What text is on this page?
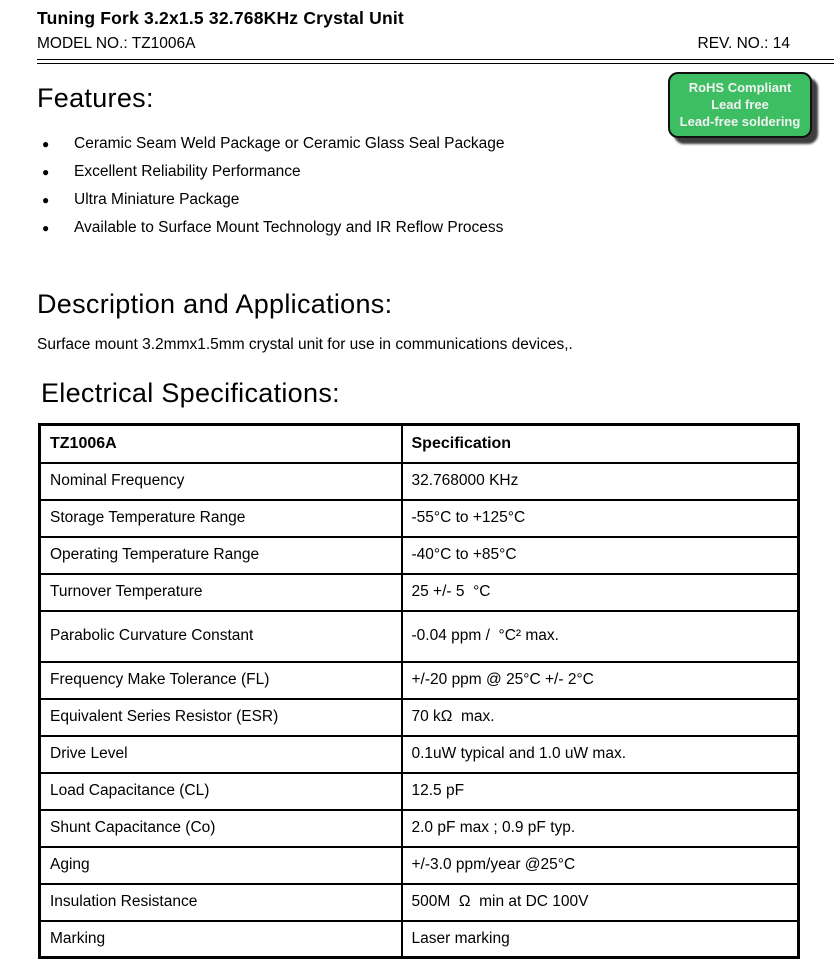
Tuning Fork 3.2x1.5 32.768KHz Crystal Unit
MODEL NO.: TZ1006A	REV. NO.: 14
RoHS Compliant
Lead free
Lead-free soldering
Features:
●	Ceramic Seam Weld Package or Ceramic Glass Seal Package
●	Excellent Reliability Performance
●	Ultra Miniature Package
●	Available to Surface Mount Technology and IR Reflow Process
Description and Applications:
Surface mount 3.2mmx1.5mm crystal unit for use in communications devices,.
Electrical Specifications:
TZ1006A	Specification
Nominal Frequency	32.768000 KHz
Storage Temperature Range	-55°C to +125°C
Operating Temperature Range	-40°C to +85°C
Turnover Temperature	25 +/- 5  °C
Parabolic Curvature Constant	-0.04 ppm /  °C² max.
Frequency Make Tolerance (FL)	+/-20 ppm @ 25°C +/- 2°C
Equivalent Series Resistor (ESR)	70 kΩ  max.
Drive Level	0.1uW typical and 1.0 uW max.
Load Capacitance (CL)	12.5 pF
Shunt Capacitance (Co)	2.0 pF max ; 0.9 pF typ.
Aging	+/-3.0 ppm/year @25°C
Insulation Resistance	500M  Ω  min at DC 100V
Marking	Laser marking
